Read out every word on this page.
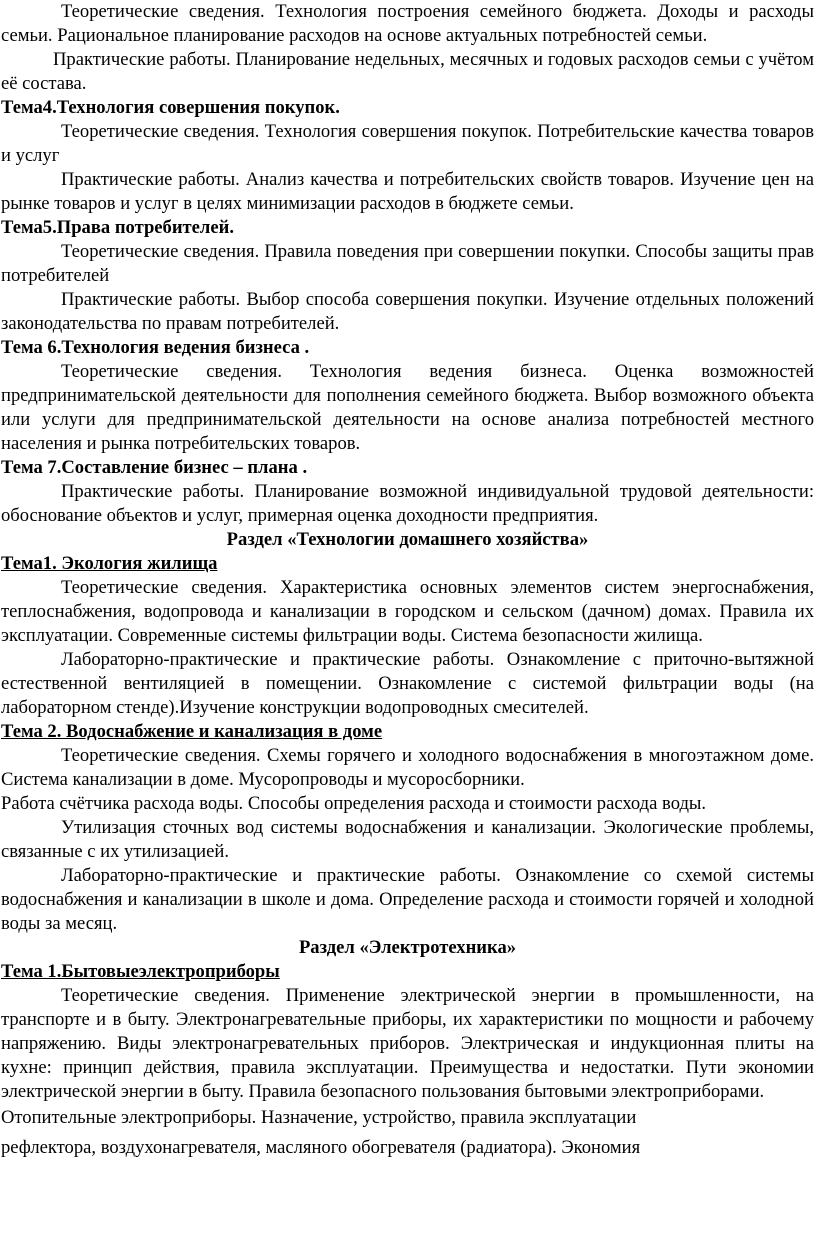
Теоретические сведения. Технология построения семейного бюджета. Доходы и расходы семьи. Рациональное планирование расходов на основе актуальных потребностей семьи.

Практические работы. Планирование недельных, месячных и годовых расходов семьи с учётом её состава.

Тема4.Технология совершения покупок.

Теоретические сведения. Технология совершения покупок. Потребительские качества товаров и услуг

Практические работы. Анализ качества и потребительских свойств товаров. Изучение цен на рынке товаров и услуг в целях минимизации расходов в бюджете семьи.

Тема5.Права потребителей.

Теоретические сведения. Правила поведения при совершении покупки. Способы защиты прав потребителей

Практические работы. Выбор способа совершения покупки. Изучение отдельных положений законодательства по правам потребителей.

Тема 6.Технология ведения бизнеса .

Теоретические сведения. Технология ведения бизнеса. Оценка возможностей предпринимательской деятельности для пополнения семейного бюджета. Выбор возможного объекта или услуги для предпринимательской деятельности на основе анализа потребностей местного населения и рынка потребительских товаров.

Тема 7.Составление бизнес – плана .

Практические работы. Планирование возможной индивидуальной трудовой деятельности: обоснование объектов и услуг, примерная оценка доходности предприятия.

Раздел «Технологии домашнего хозяйства»

Тема1. Экология жилища

Теоретические сведения. Характеристика основных элементов систем энергоснабжения, теплоснабжения, водопровода и канализации в городском и сельском (дачном) домах. Правила их эксплуатации. Современные системы фильтрации воды. Система безопасности жилища.

Лабораторно-практические и практические работы. Ознакомление с приточно-вытяжной естественной вентиляцией в помещении. Ознакомление с системой фильтрации воды (на лабораторном стенде).Изучение конструкции водопроводных смесителей.

Тема 2. Водоснабжение и канализация в доме

Теоретические сведения. Схемы горячего и холодного водоснабжения в многоэтажном доме. Система канализации в доме. Мусоропроводы и мусоросборники.

Работа счётчика расхода воды. Способы определения расхода и стоимости расхода воды.

Утилизация сточных вод системы водоснабжения и канализации. Экологические проблемы, связанные с их утилизацией.

Лабораторно-практические и практические работы. Ознакомление со схемой системы водоснабжения и канализации в школе и дома. Определение расхода и стоимости горячей и холодной воды за месяц.

Раздел «Электротехника»

Тема 1.Бытовыеэлектроприборы

Теоретические сведения. Применение электрической энергии в промышленности, на транспорте и в быту. Электронагревательные приборы, их характеристики по мощности и рабочему напряжению. Виды электронагревательных приборов. Электрическая и индукционная плиты на кухне: принцип действия, правила эксплуатации. Преимущества и недостатки. Пути экономии электрической энергии в быту. Правила безопасного пользования бытовыми электроприборами.

Отопительные электроприборы. Назначение, устройство, правила эксплуатации

рефлектора, воздухонагревателя, масляного обогревателя (радиатора). Экономия
